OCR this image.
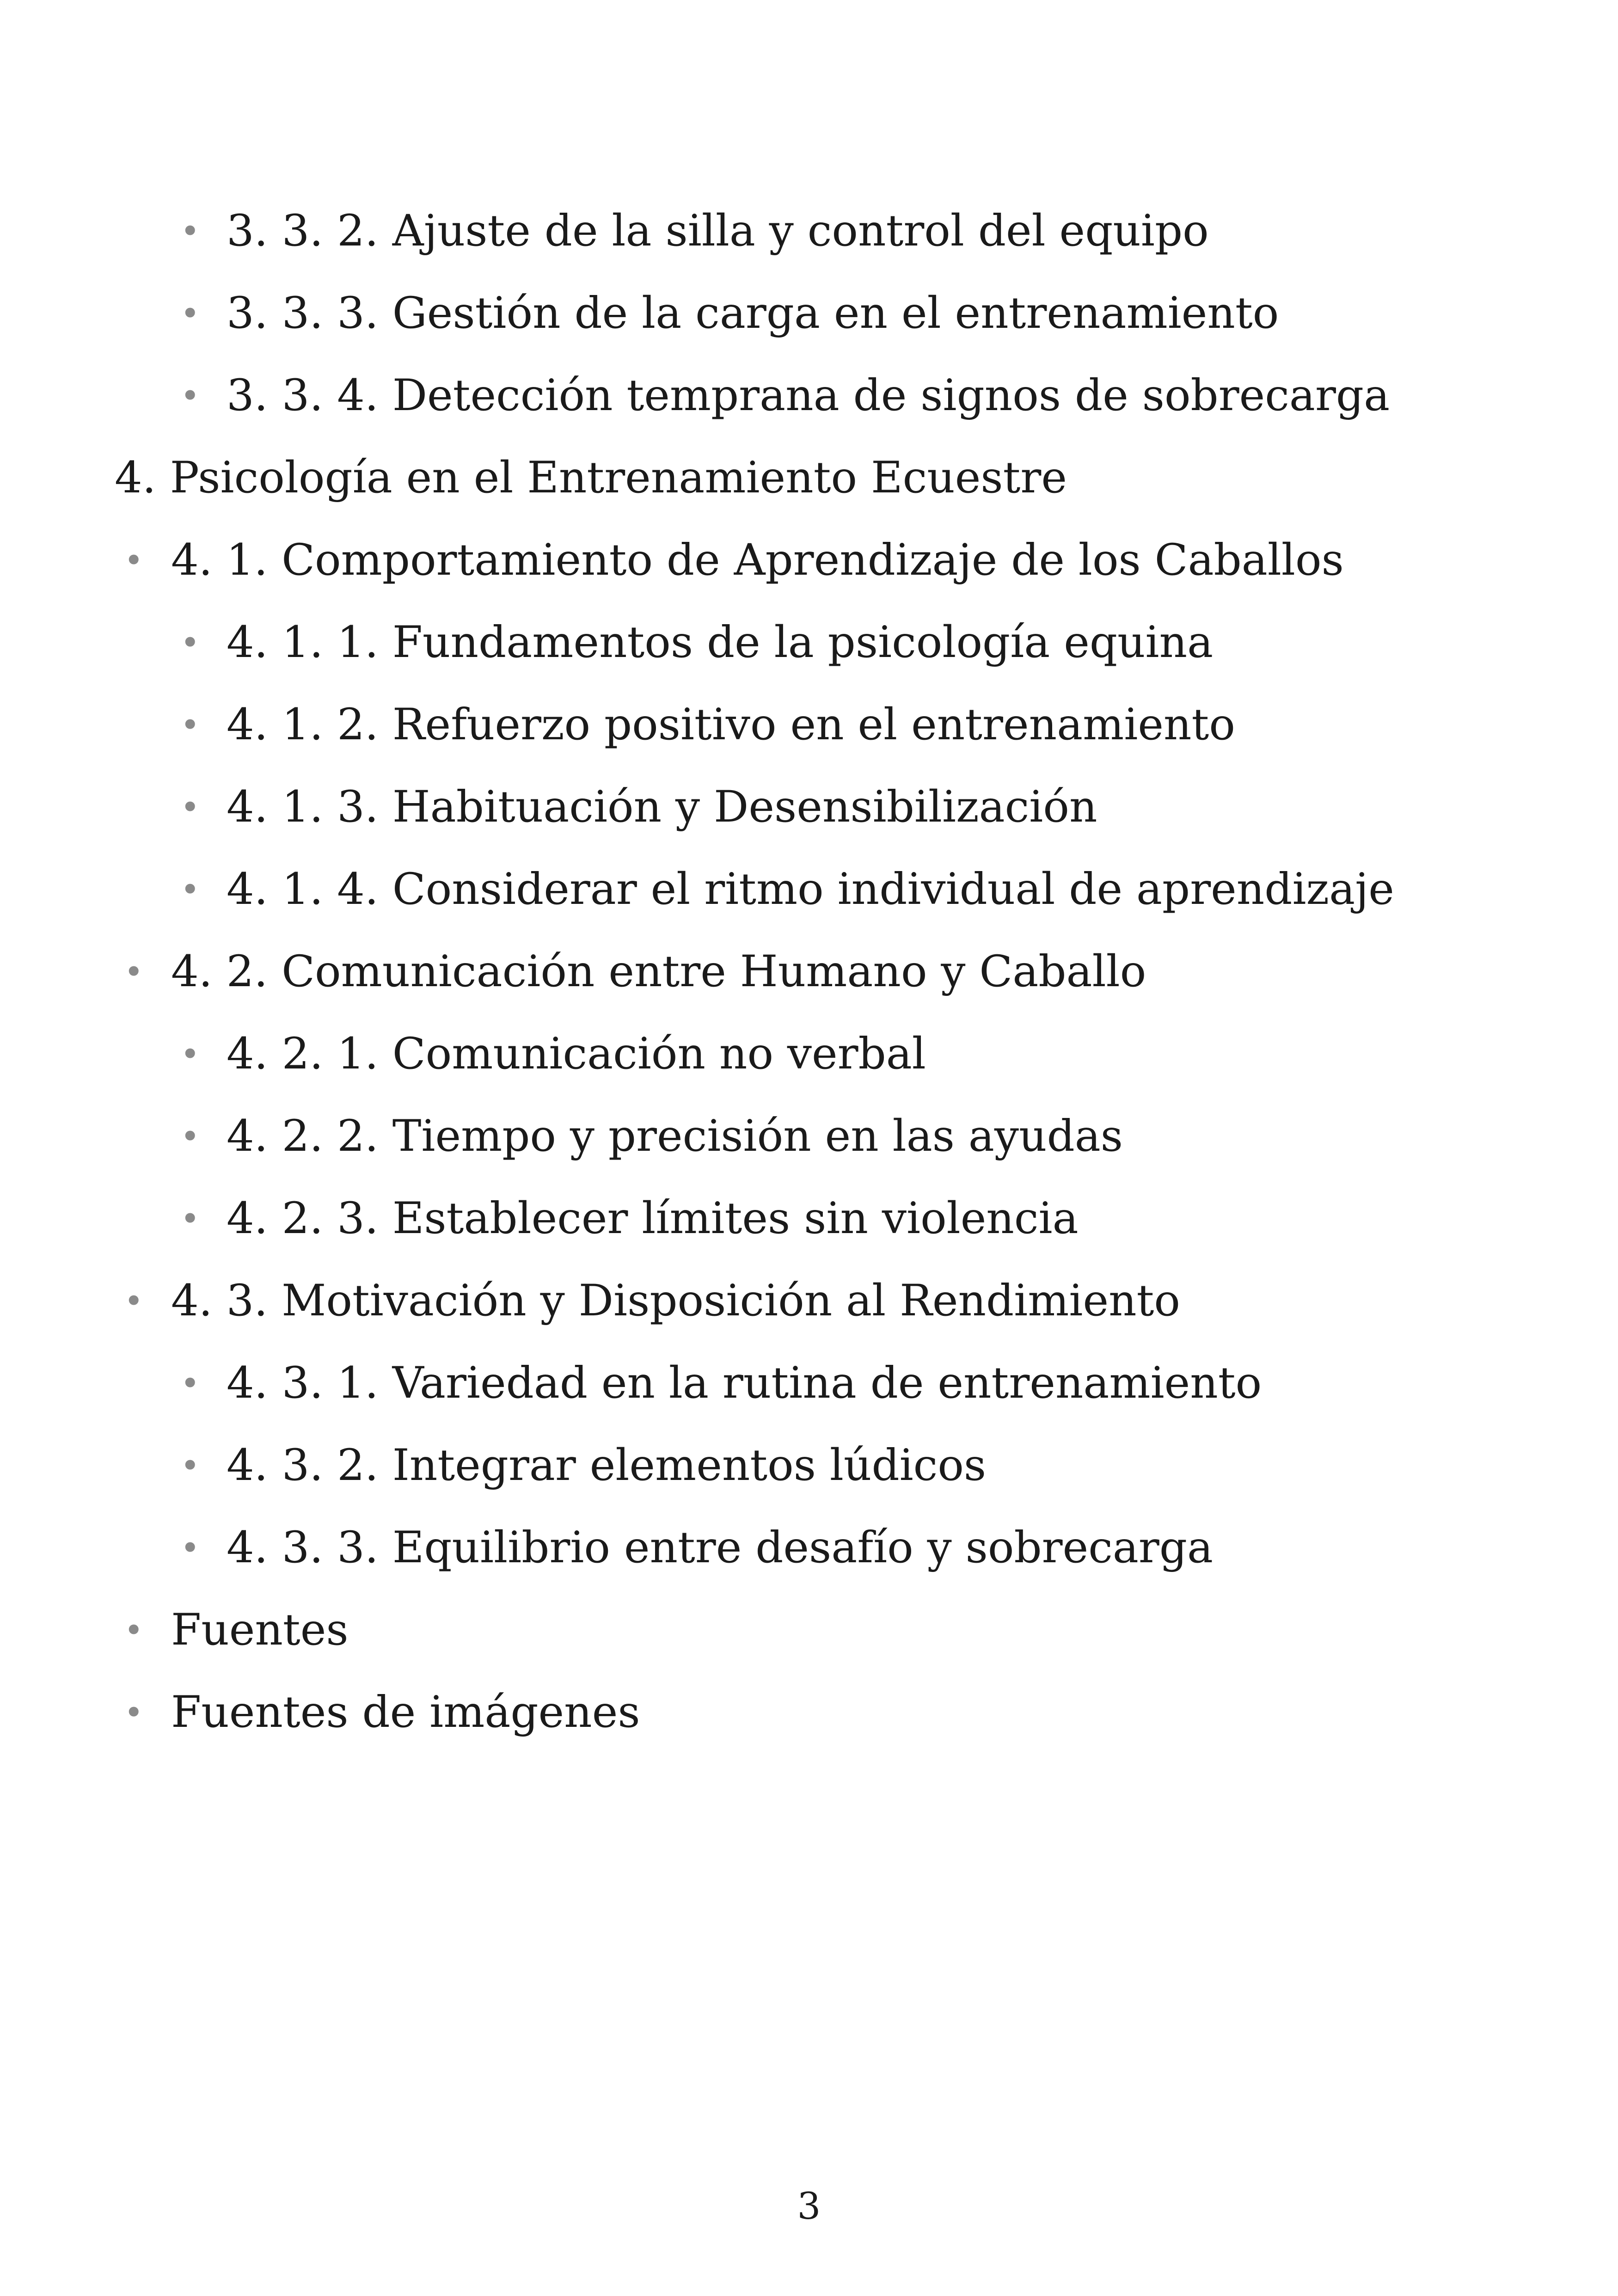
• 3. 3. 2. Ajuste de la silla y control del equipo
• 3. 3. 3. Gestión de la carga en el entrenamiento
• 3. 3. 4. Detección temprana de signos de sobrecarga
4. Psicología en el Entrenamiento Ecuestre
• 4. 1. Comportamiento de Aprendizaje de los Caballos
• 4. 1. 1. Fundamentos de la psicología equina
• 4. 1. 2. Refuerzo positivo en el entrenamiento
• 4. 1. 3. Habituación y Desensibilización
• 4. 1. 4. Considerar el ritmo individual de aprendizaje
• 4. 2. Comunicación entre Humano y Caballo
• 4. 2. 1. Comunicación no verbal
• 4. 2. 2. Tiempo y precisión en las ayudas
• 4. 2. 3. Establecer límites sin violencia
• 4. 3. Motivación y Disposición al Rendimiento
• 4. 3. 1. Variedad en la rutina de entrenamiento
• 4. 3. 2. Integrar elementos lúdicos
• 4. 3. 3. Equilibrio entre desafío y sobrecarga
• Fuentes
• Fuentes de imágenes
3
